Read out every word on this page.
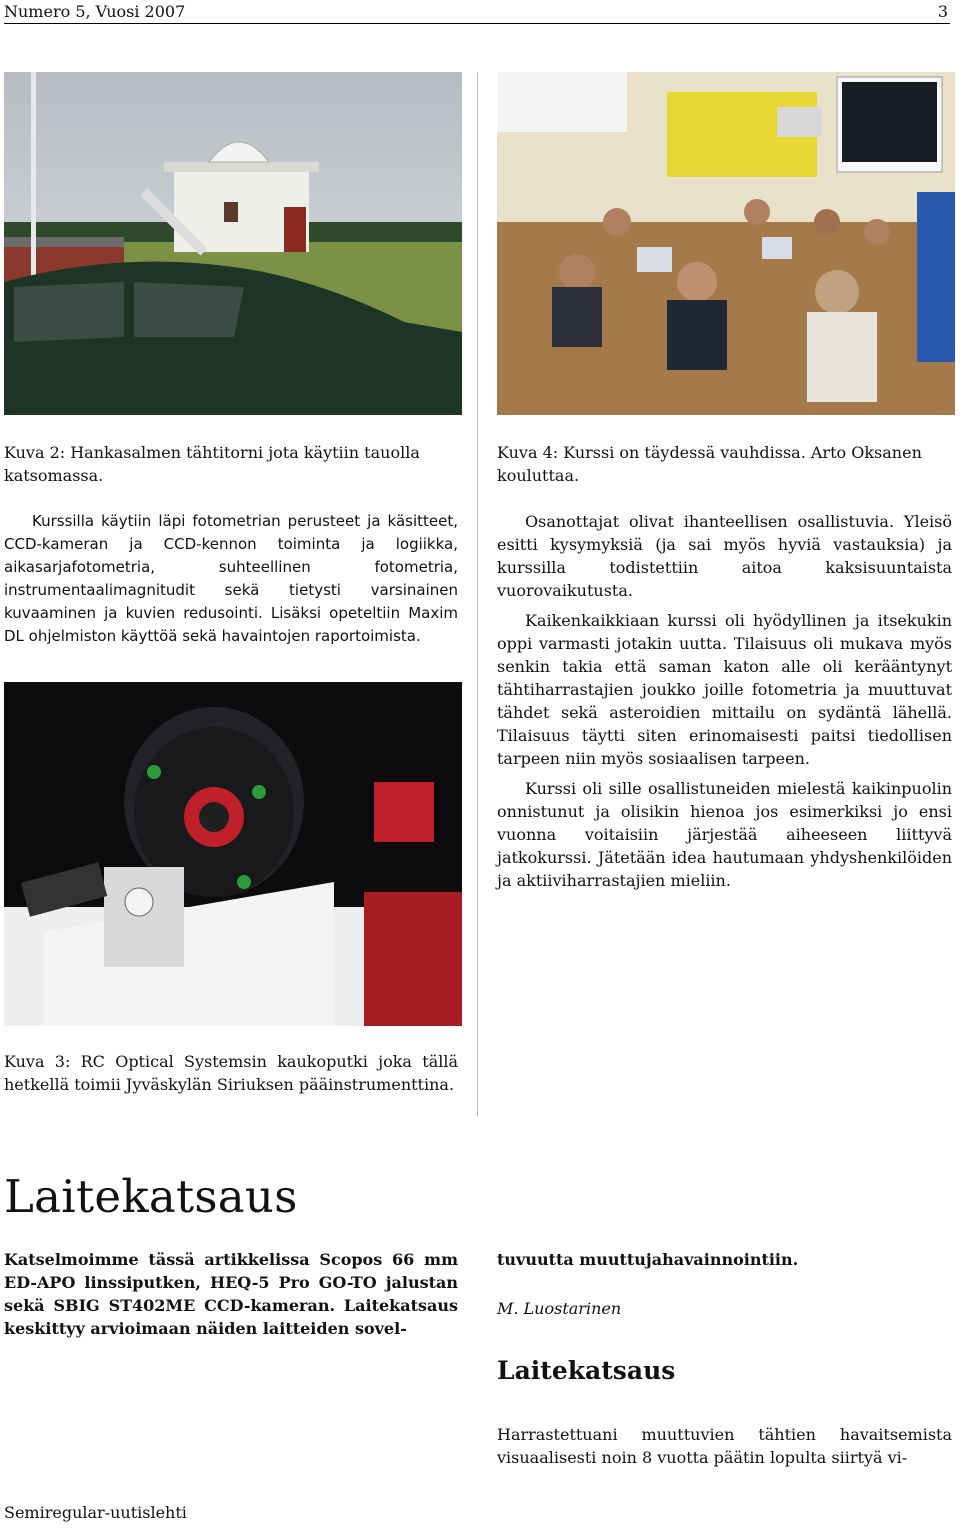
Numero 5, Vuosi 2007	3
Kuva 2: Hankasalmen tähtitorni jota käytiin tauolla katsomassa.
Kuva 4: Kurssi on täydessä vauhdissa. Arto Oksanen kouluttaa.

Kurssilla käytiin läpi fotometrian perusteet ja käsitteet, CCD-kameran ja CCD-kennon toiminta ja logiikka, aikasarjafotometria, suhteellinen fotometria, instrumentaalimagnitudit sekä tietysti varsinainen kuvaaminen ja kuvien redusointi. Lisäksi opeteltiin Maxim DL ohjelmiston käyttöä sekä havaintojen raportoimista.

Osanottajat olivat ihanteellisen osallistuvia. Yleisö esitti kysymyksiä (ja sai myös hyviä vastauksia) ja kurssilla todistettiin aitoa kaksisuuntaista vuorovaikutusta.

Kaikenkaikkiaan kurssi oli hyödyllinen ja itsekukin oppi varmasti jotakin uutta. Tilaisuus oli mukava myös senkin takia että saman katon alle oli kerääntynyt tähtiharrastajien joukko joille fotometria ja muuttuvat tähdet sekä asteroidien mittailu on sydäntä lähellä. Tilaisuus täytti siten erinomaisesti paitsi tiedollisen tarpeen niin myös sosiaalisen tarpeen.

Kurssi oli sille osallistuneiden mielestä kaikinpuolin onnistunut ja olisikin hienoa jos esimerkiksi jo ensi vuonna voitaisiin järjestää aiheeseen liittyvä jatkokurssi. Jätetään idea hautumaan yhdyshenkilöiden ja aktiiviharrastajien mieliin.

Kuva 3: RC Optical Systemsin kaukoputki joka tällä hetkellä toimii Jyväskylän Siriuksen pääinstrumenttina.
Laitekatsaus
Katselmoimme tässä artikkelissa Scopos 66 mm ED-APO linssiputken, HEQ-5 Pro GO-TO jalustan sekä SBIG ST402ME CCD-kameran. Laitekatsaus keskittyy arvioimaan näiden laitteiden sovel-
tuvuutta muuttujahavainnointiin.
M. Luostarinen
Laitekatsaus
Harrastettuani muuttuvien tähtien havaitsemista visuaalisesti noin 8 vuotta päätin lopulta siirtyä vi-
Semiregular-uutislehti
